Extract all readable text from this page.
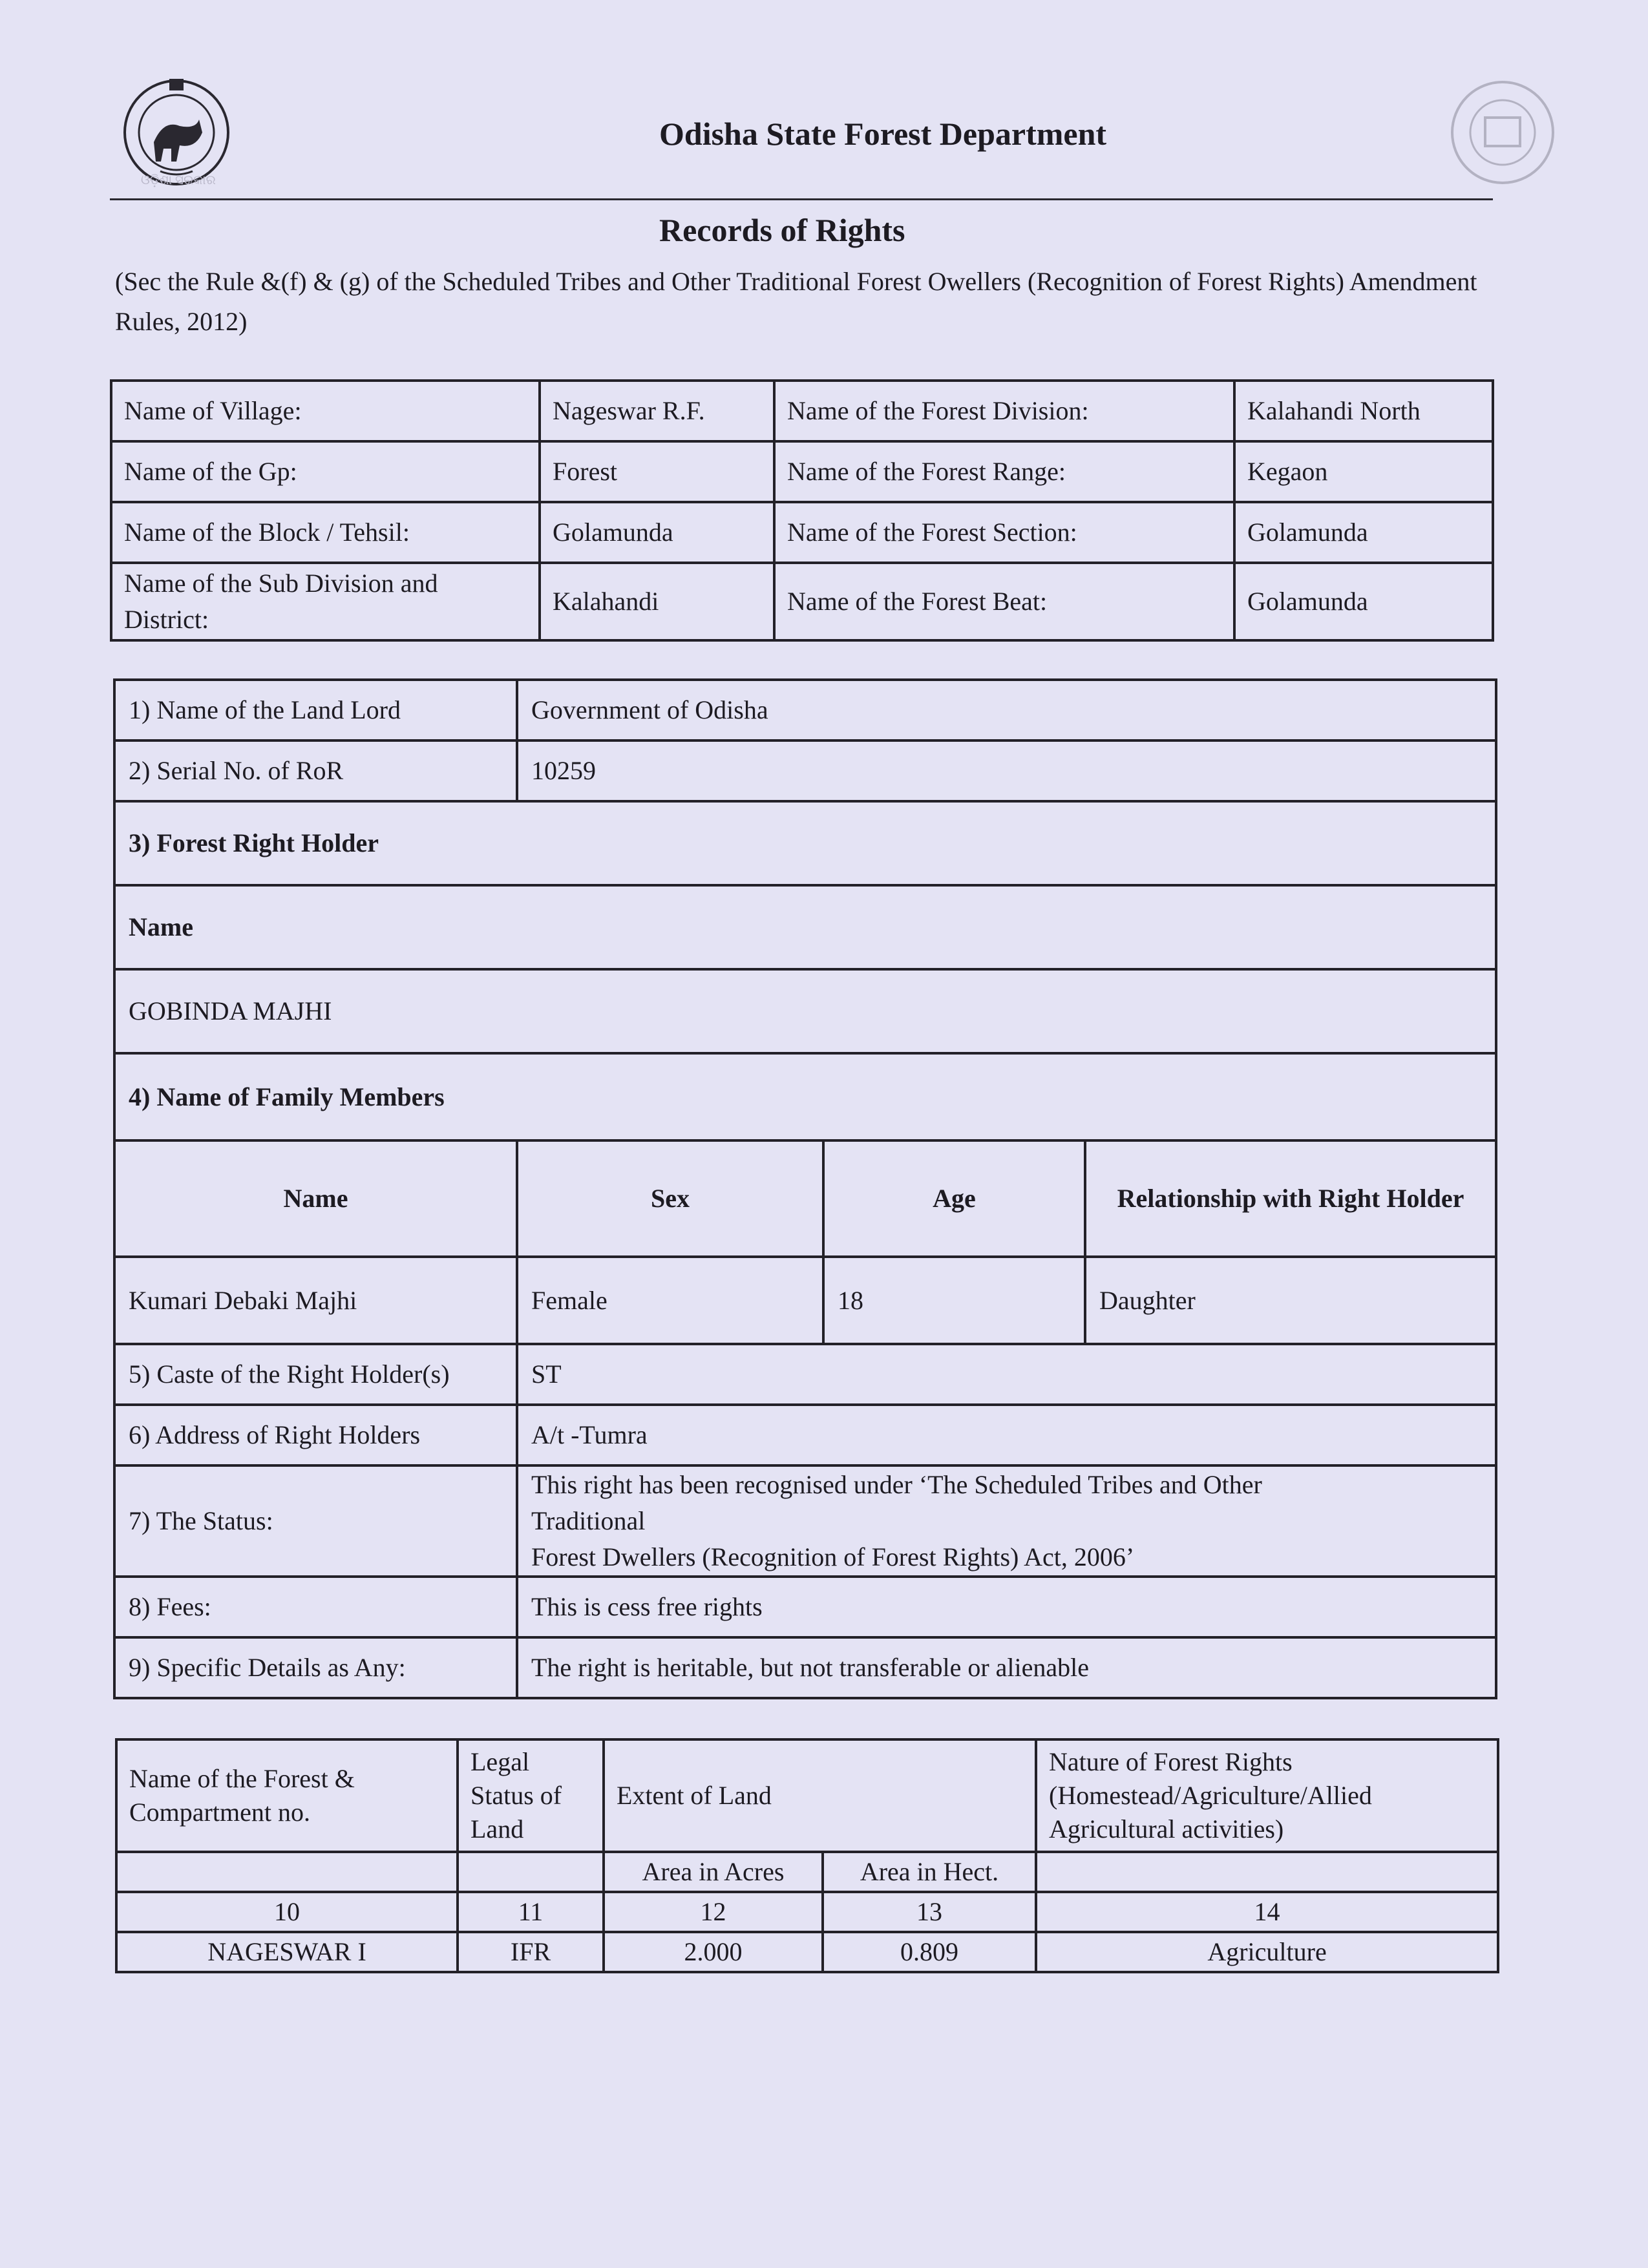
ଓଡ଼ିଶା ସରକାର
Odisha State Forest Department
Records of Rights
(Sec the Rule &(f) & (g) of the Scheduled Tribes and Other Traditional Forest Owellers (Recognition of Forest Rights) Amendment Rules, 2012)
Name of Village:	Nageswar R.F.	Name of the Forest Division:	Kalahandi North
Name of the Gp:	Forest	Name of the Forest Range:	Kegaon
Name of the Block / Tehsil:	Golamunda	Name of the Forest Section:	Golamunda
Name of the Sub Division and District:	Kalahandi	Name of the Forest Beat:	Golamunda
1) Name of the Land Lord	Government of Odisha		
2) Serial No. of RoR	10259		
3) Forest Right Holder			
Name			
GOBINDA MAJHI			
4) Name of Family Members			
Name	Sex	Age	Relationship with Right Holder
Kumari Debaki Majhi	Female	18	Daughter
5) Caste of the Right Holder(s)	ST		
6) Address of Right Holders	A/t -Tumra		
7) The Status:	This right has been recognised under ‘The Scheduled Tribes and Other
Traditional
Forest Dwellers (Recognition of Forest Rights) Act, 2006’		

8) Fees:	This is cess free rights		
9) Specific Details as Any:	The right is heritable, but not transferable or alienable		
Name of the Forest & Compartment no.	Legal Status of Land	Extent of Land		Nature of Forest Rights (Homestead/Agriculture/Allied Agricultural activities)
		Area in Acres	Area in Hect.	
10	11	12	13	14
NAGESWAR I	IFR	2.000	0.809	Agriculture
